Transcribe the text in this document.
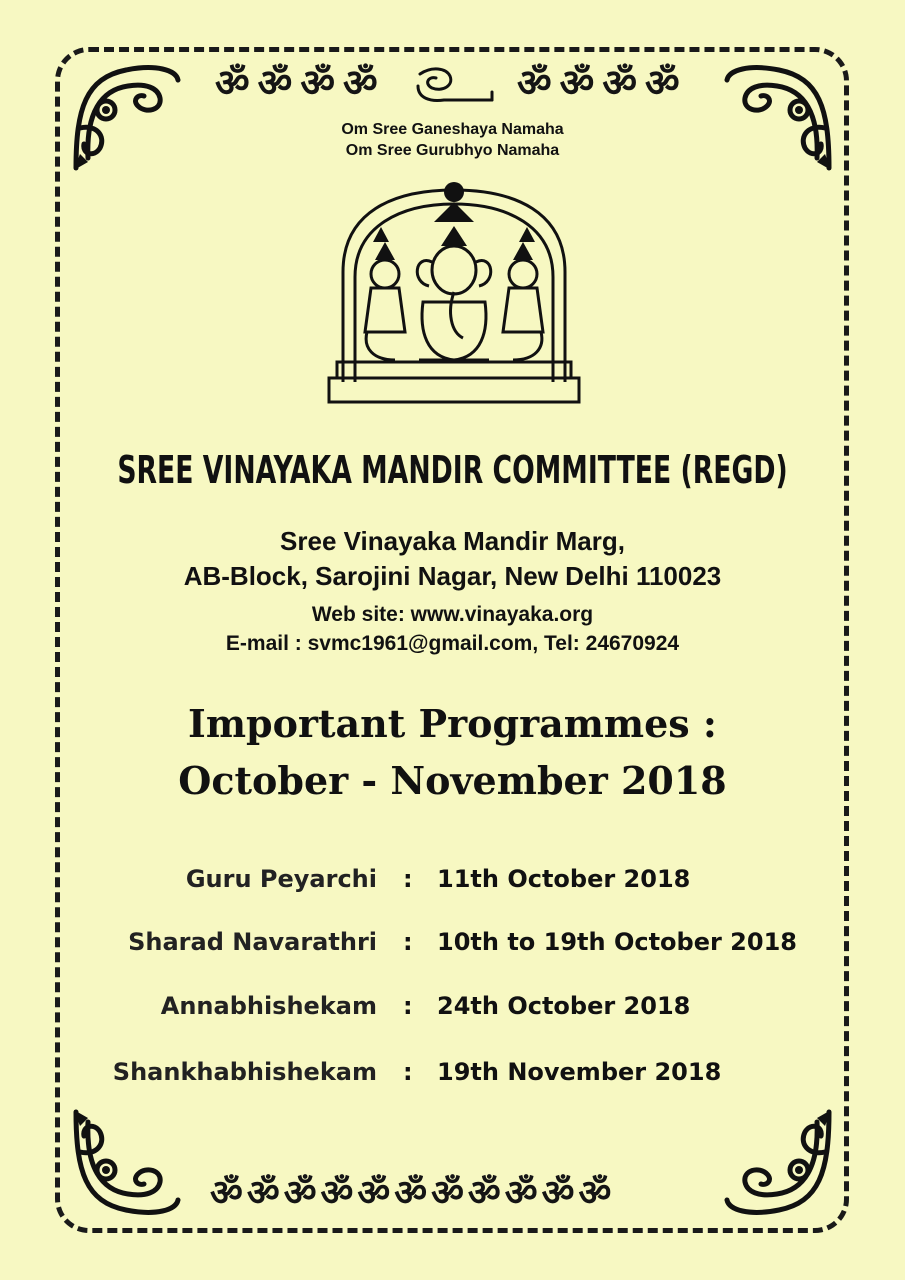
ॐ ॐ ॐ ॐ	ॐ ॐ ॐ ॐ
Om Sree Ganeshaya Namaha
Om Sree Gurubhyo Namaha
SREE VINAYAKA MANDIR COMMITTEE (REGD)
Sree Vinayaka Mandir Marg,
AB-Block, Sarojini Nagar, New Delhi 110023
Web site: www.vinayaka.org
E-mail : svmc1961@gmail.com, Tel: 24670924
Important Programmes :
October - November 2018
Guru Peyarchi : 11th October 2018
Sharad Navarathri : 10th to 19th October 2018
Annabhishekam : 24th October 2018
Shankhabhishekam : 19th November 2018
ॐ ॐ ॐ ॐ ॐ ॐ ॐ ॐ ॐ ॐ ॐ
